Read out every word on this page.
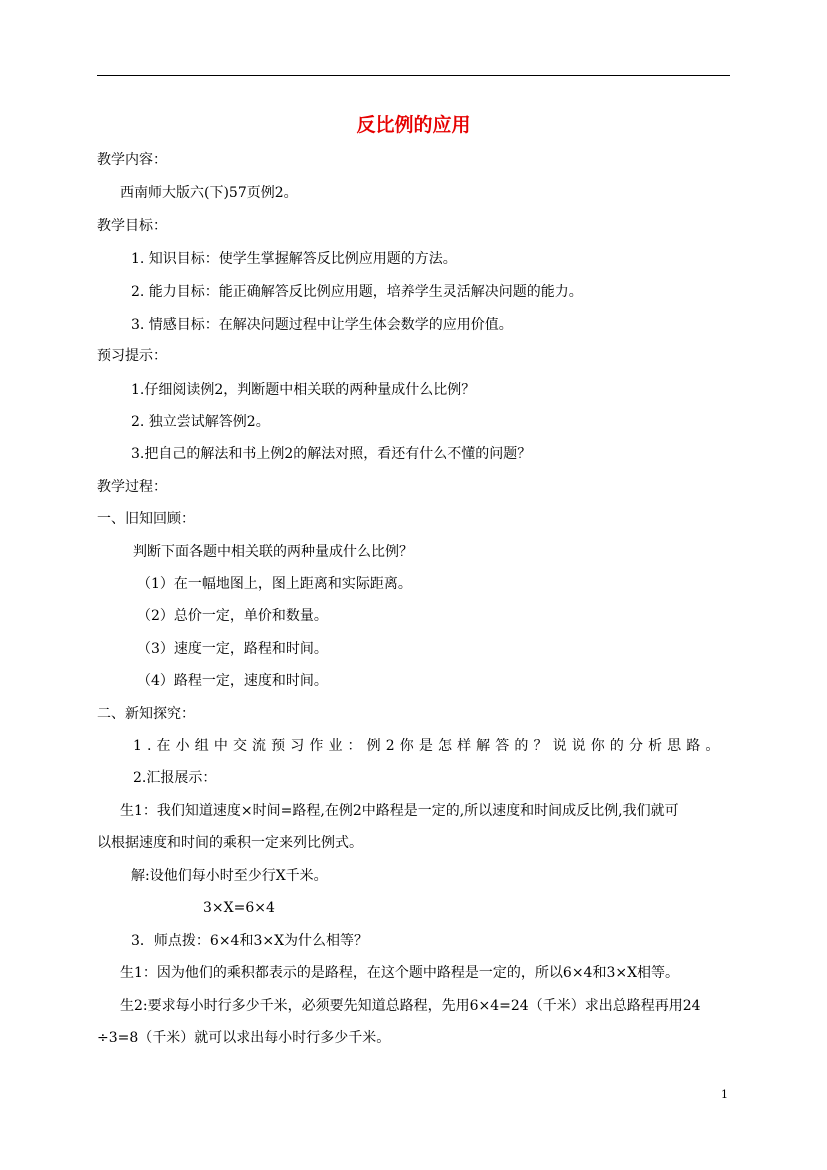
反比例的应用
教学内容：
西南师大版六(下)57页例2。
教学目标：
1. 知识目标：使学生掌握解答反比例应用题的方法。
2. 能力目标：能正确解答反比例应用题，培养学生灵活解决问题的能力。
3. 情感目标：在解决问题过程中让学生体会数学的应用价值。
预习提示：
1.仔细阅读例2，判断题中相关联的两种量成什么比例？
2. 独立尝试解答例2。
3.把自己的解法和书上例2的解法对照，看还有什么不懂的问题？
教学过程：
一、旧知回顾：
判断下面各题中相关联的两种量成什么比例？
（1）在一幅地图上，图上距离和实际距离。
（2）总价一定，单价和数量。
（3）速度一定，路程和时间。
（4）路程一定，速度和时间。
二、新知探究：
1.在小组中交流预习作业：例2你是怎样解答的？说说你的分析思路。
2.汇报展示：
生1：我们知道速度×时间=路程,在例2中路程是一定的,所以速度和时间成反比例,我们就可
以根据速度和时间的乘积一定来列比例式。
解:设他们每小时至少行X千米。
3×X=6×4
3．师点拨：6×4和3×X为什么相等？
生1：因为他们的乘积都表示的是路程，在这个题中路程是一定的，所以6×4和3×X相等。
生2:要求每小时行多少千米，必须要先知道总路程，先用6×4=24（千米）求出总路程再用24
÷3=8（千米）就可以求出每小时行多少千米。
1
